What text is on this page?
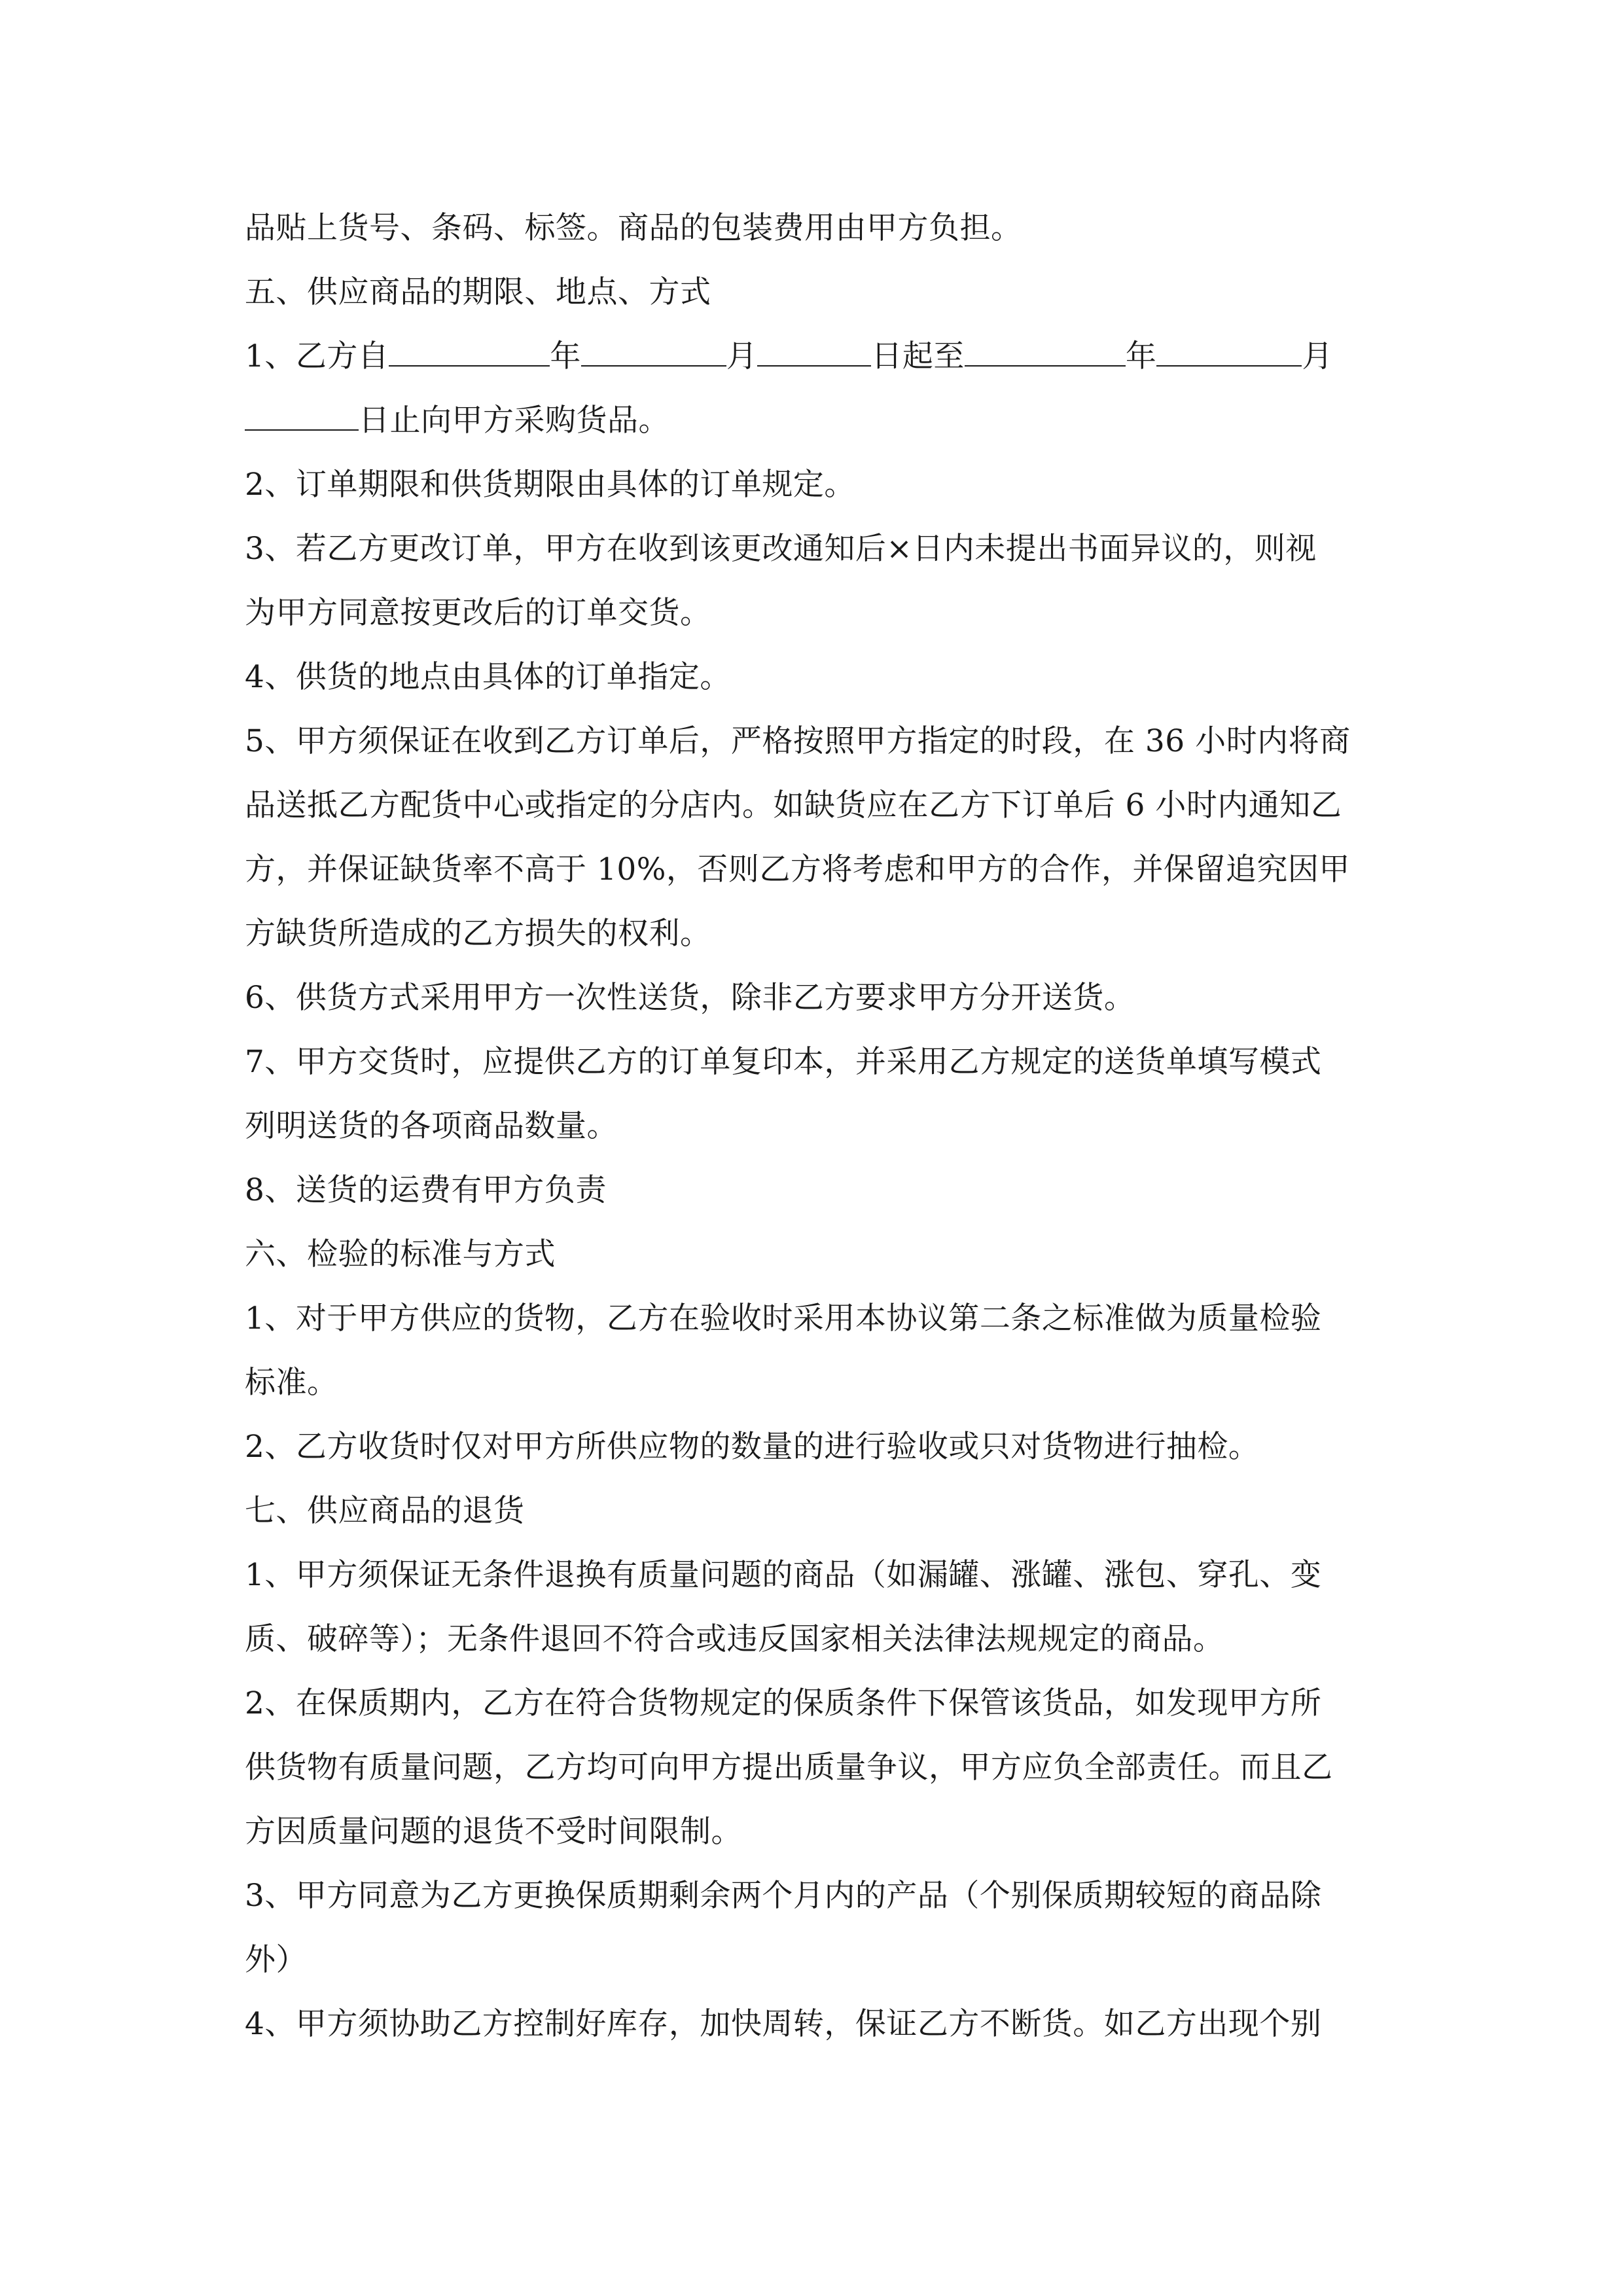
品贴上货号、条码、标签。商品的包装费用由甲方负担。
五、供应商品的期限、地点、方式
1、乙方自	年	月	日起至	年	月
日止向甲方采购货品。
2、订单期限和供货期限由具体的订单规定。
3、若乙方更改订单，甲方在收到该更改通知后×日内未提出书面异议的，则视
为甲方同意按更改后的订单交货。
4、供货的地点由具体的订单指定。
5、甲方须保证在收到乙方订单后，严格按照甲方指定的时段，在 36 小时内将商
品送抵乙方配货中心或指定的分店内。如缺货应在乙方下订单后 6 小时内通知乙
方，并保证缺货率不高于 10%，否则乙方将考虑和甲方的合作，并保留追究因甲
方缺货所造成的乙方损失的权利。
6、供货方式采用甲方一次性送货，除非乙方要求甲方分开送货。
7、甲方交货时，应提供乙方的订单复印本，并采用乙方规定的送货单填写模式
列明送货的各项商品数量。
8、送货的运费有甲方负责
六、检验的标准与方式
1、对于甲方供应的货物，乙方在验收时采用本协议第二条之标准做为质量检验
标准。
2、乙方收货时仅对甲方所供应物的数量的进行验收或只对货物进行抽检。
七、供应商品的退货
1、甲方须保证无条件退换有质量问题的商品（如漏罐、涨罐、涨包、穿孔、变
质、破碎等）；无条件退回不符合或违反国家相关法律法规规定的商品。
2、在保质期内，乙方在符合货物规定的保质条件下保管该货品，如发现甲方所
供货物有质量问题，乙方均可向甲方提出质量争议，甲方应负全部责任。而且乙
方因质量问题的退货不受时间限制。
3、甲方同意为乙方更换保质期剩余两个月内的产品（个别保质期较短的商品除
外）
4、甲方须协助乙方控制好库存，加快周转，保证乙方不断货。如乙方出现个别
